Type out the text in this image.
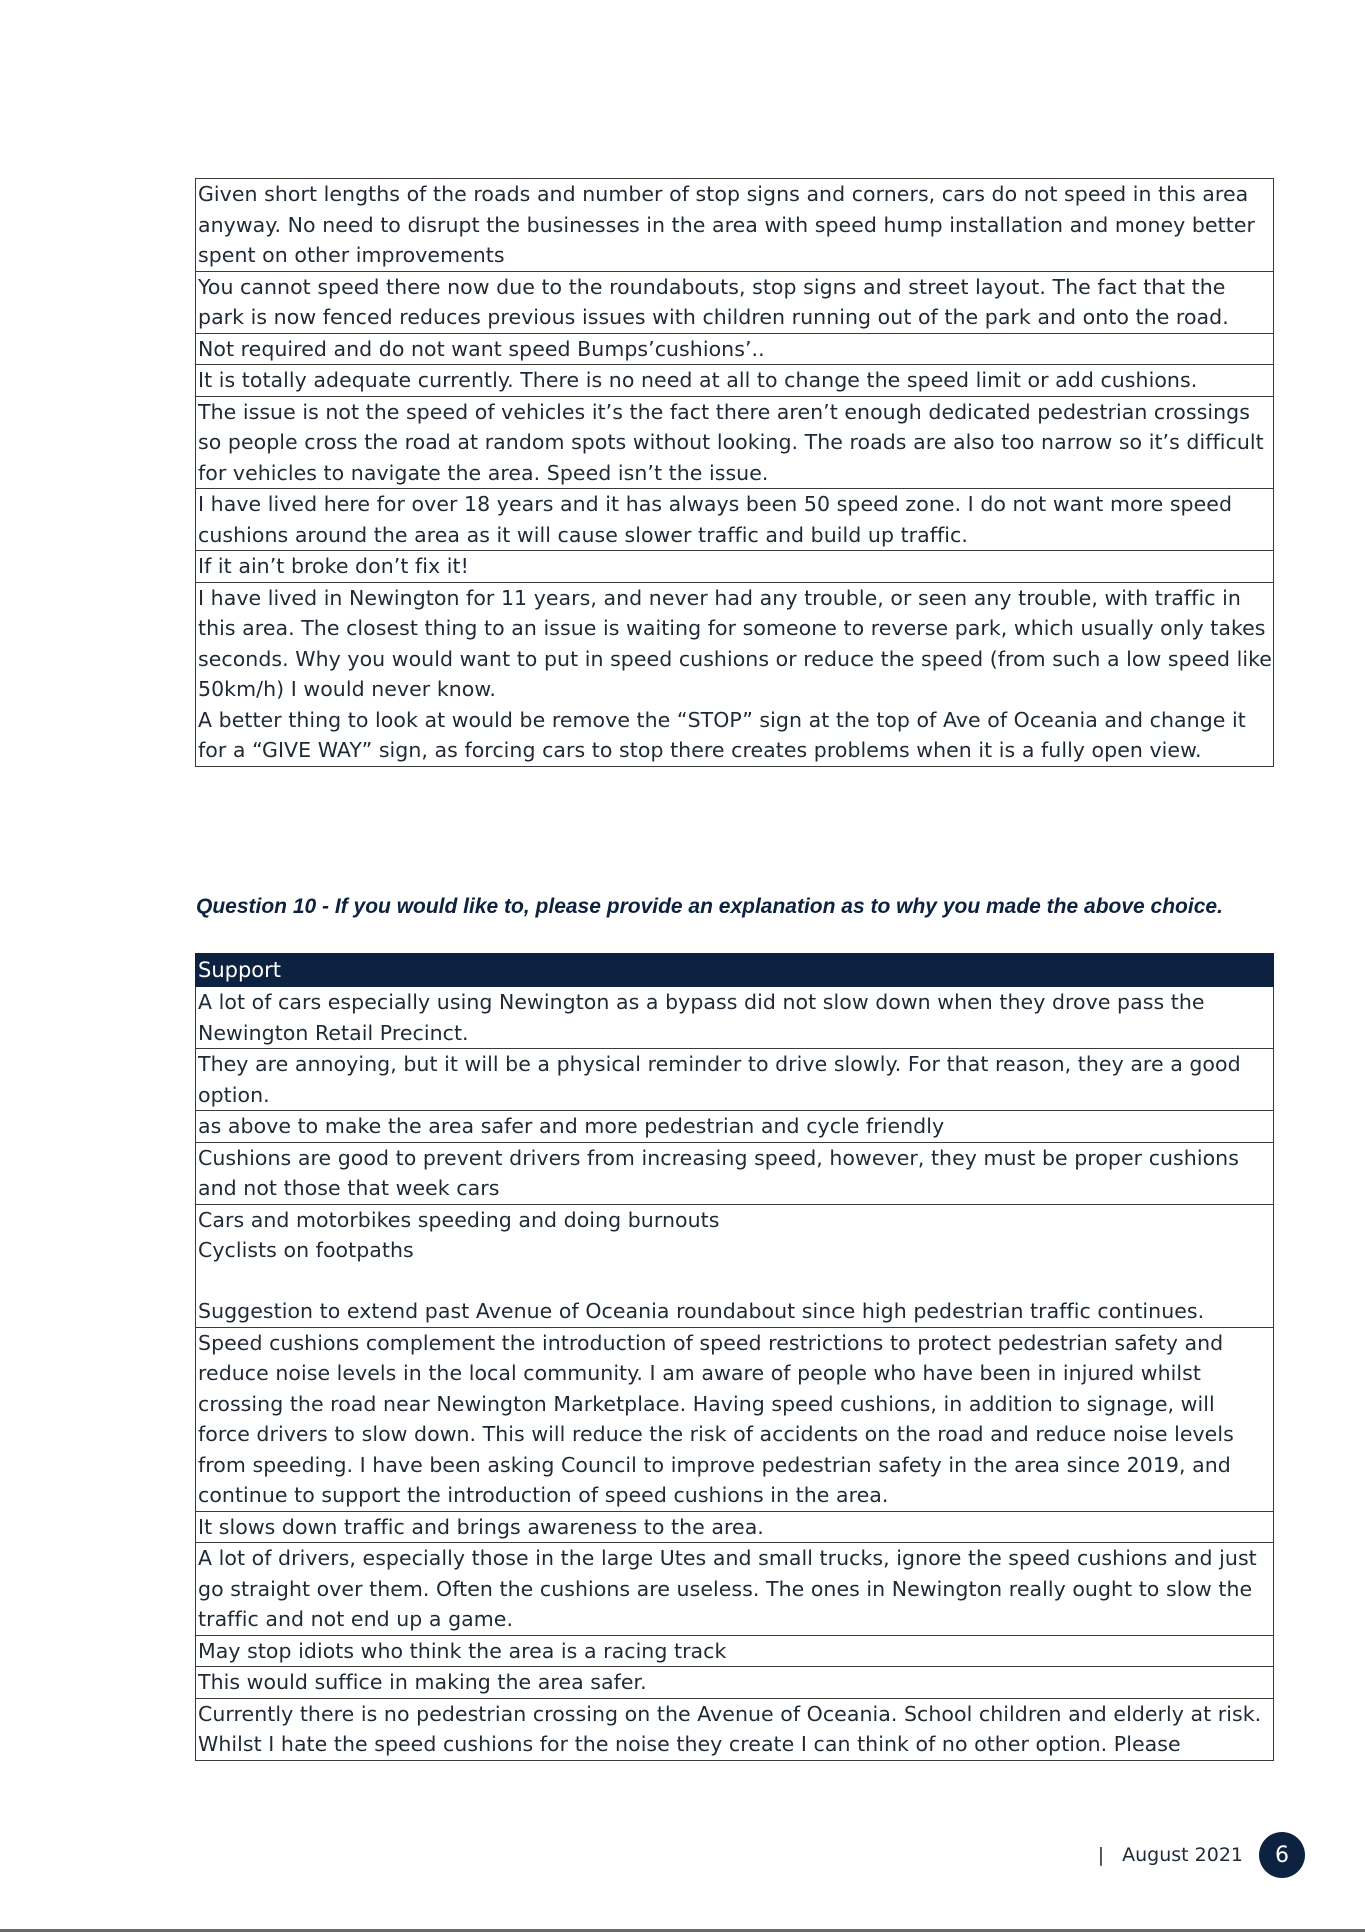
Given short lengths of the roads and number of stop signs and corners, cars do not speed in this area anyway. No need to disrupt the businesses in the area with speed hump installation and money better spent on other improvements
You cannot speed there now due to the roundabouts, stop signs and street layout. The fact that the park is now fenced reduces previous issues with children running out of the park and onto the road.
Not required and do not want speed Bumps’cushions’..
It is totally adequate currently. There is no need at all to change the speed limit or add cushions.
The issue is not the speed of vehicles it’s the fact there aren’t enough dedicated pedestrian crossings so people cross the road at random spots without looking. The roads are also too narrow so it’s difficult for vehicles to navigate the area. Speed isn’t the issue.
I have lived here for over 18 years and it has always been 50 speed zone. I do not want more speed cushions around the area as it will cause slower traffic and build up traffic.
If it ain’t broke don’t fix it!
I have lived in Newington for 11 years, and never had any trouble, or seen any trouble, with traffic in this area. The closest thing to an issue is waiting for someone to reverse park, which usually only takes seconds. Why you would want to put in speed cushions or reduce the speed (from such a low speed like 50km/h) I would never know.
A better thing to look at would be remove the “STOP” sign at the top of Ave of Oceania and change it for a “GIVE WAY” sign, as forcing cars to stop there creates problems when it is a fully open view.

Question 10 - If you would like to, please provide an explanation as to why you made the above choice.
Support
A lot of cars especially using Newington as a bypass did not slow down when they drove pass the Newington Retail Precinct.
They are annoying, but it will be a physical reminder to drive slowly. For that reason, they are a good option.
as above to make the area safer and more pedestrian and cycle friendly
Cushions are good to prevent drivers from increasing speed, however, they must be proper cushions and not those that week cars
Cars and motorbikes speeding and doing burnouts
Cyclists on footpaths

Suggestion to extend past Avenue of Oceania roundabout since high pedestrian traffic continues.
Speed cushions complement the introduction of speed restrictions to protect pedestrian safety and reduce noise levels in the local community. I am aware of people who have been in injured whilst crossing the road near Newington Marketplace. Having speed cushions, in addition to signage, will force drivers to slow down. This will reduce the risk of accidents on the road and reduce noise levels from speeding. I have been asking Council to improve pedestrian safety in the area since 2019, and continue to support the introduction of speed cushions in the area.
It slows down traffic and brings awareness to the area.
A lot of drivers, especially those in the large Utes and small trucks, ignore the speed cushions and just go straight over them. Often the cushions are useless. The ones in Newington really ought to slow the traffic and not end up a game.
May stop idiots who think the area is a racing track
This would suffice in making the area safer.
Currently there is no pedestrian crossing on the Avenue of Oceania. School children and elderly at risk. Whilst I hate the speed cushions for the noise they create I can think of no other option. Please
| August 2021	6
